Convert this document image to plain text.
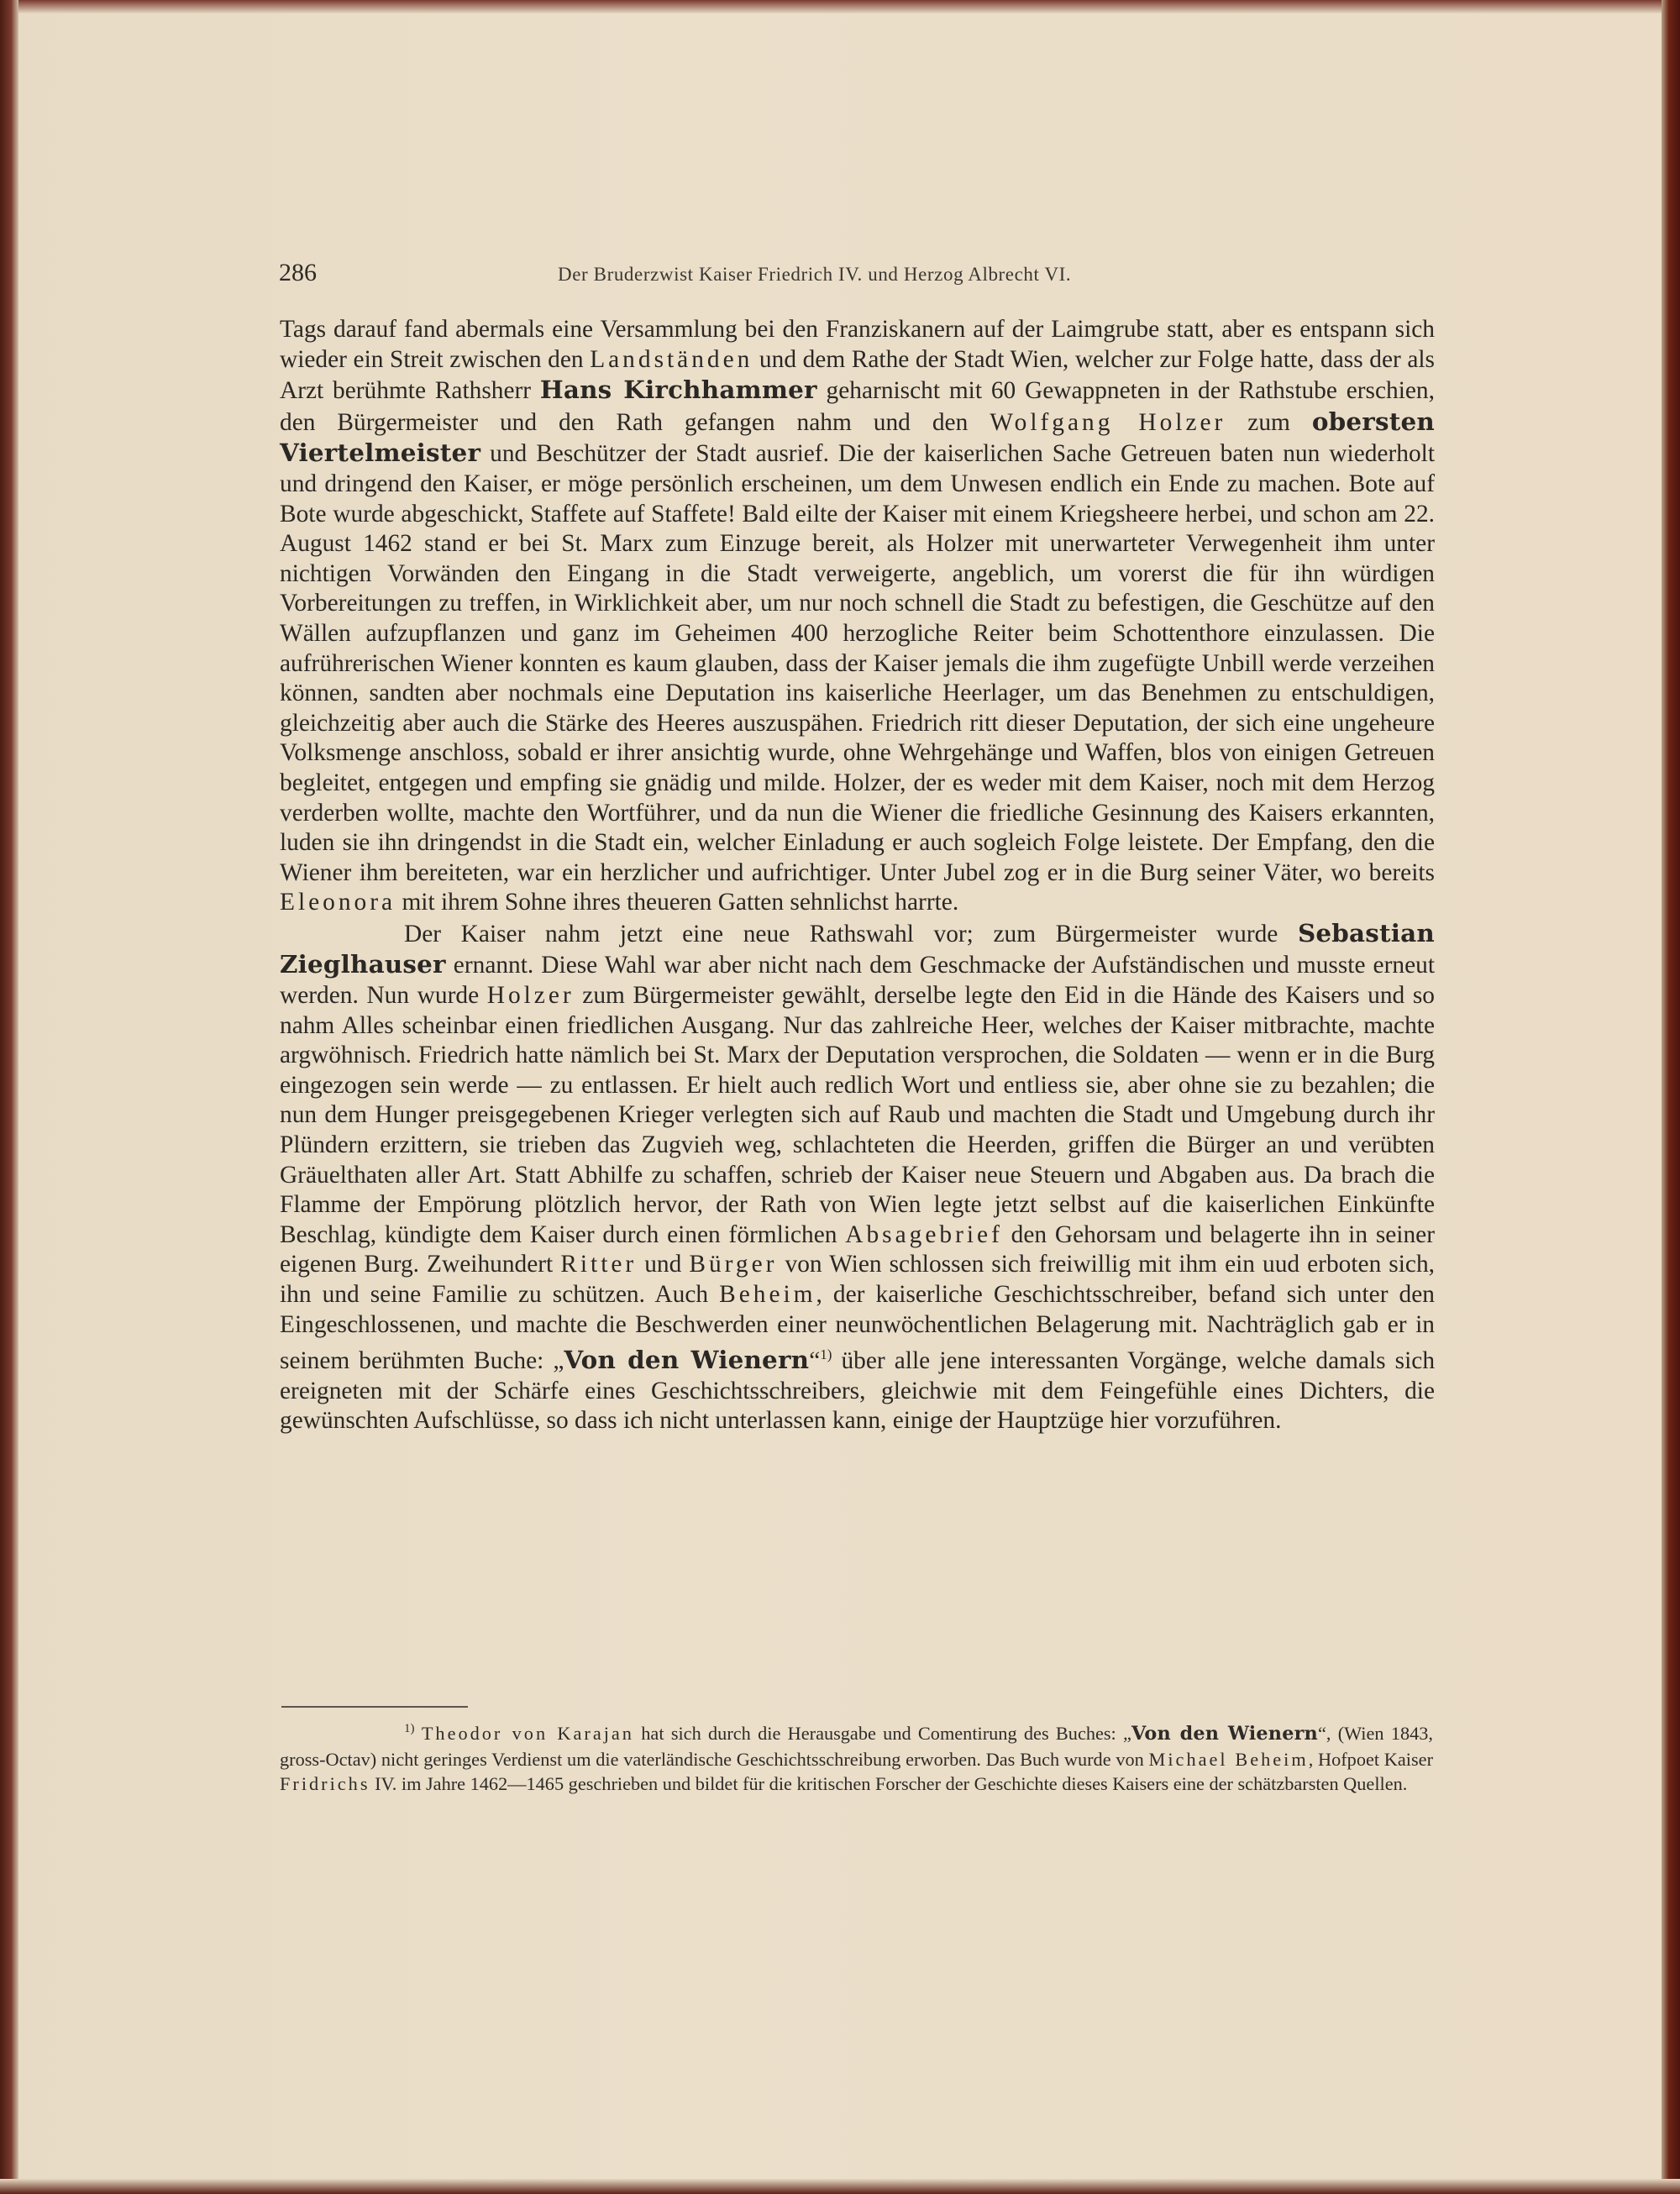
286	Der Bruderzwist Kaiser Friedrich IV. und Herzog Albrecht VI.

Tags darauf fand abermals eine Versammlung bei den Franziskanern auf der Laimgrube statt, aber es entspann sich wieder ein Streit zwischen den Landständen und dem Rathe der Stadt Wien, welcher zur Folge hatte, dass der als Arzt berühmte Rathsherr Hans Kirchhammer geharnischt mit 60 Gewappneten in der Rathstube erschien, den Bürgermeister und den Rath gefangen nahm und den Wolfgang Holzer zum obersten Viertelmeister und Beschützer der Stadt ausrief. Die der kaiserlichen Sache Getreuen baten nun wiederholt und dringend den Kaiser, er möge persönlich erscheinen, um dem Unwesen endlich ein Ende zu machen. Bote auf Bote wurde abgeschickt, Staffete auf Staffete! Bald eilte der Kaiser mit einem Kriegsheere herbei, und schon am 22. August 1462 stand er bei St. Marx zum Einzuge bereit, als Holzer mit unerwarteter Verwegenheit ihm unter nichtigen Vorwänden den Eingang in die Stadt verweigerte, angeblich, um vorerst die für ihn würdigen Vorbereitungen zu treffen, in Wirklichkeit aber, um nur noch schnell die Stadt zu befestigen, die Geschütze auf den Wällen aufzupflanzen und ganz im Geheimen 400 herzogliche Reiter beim Schottenthore einzulassen. Die aufrührerischen Wiener konnten es kaum glauben, dass der Kaiser jemals die ihm zugefügte Unbill werde verzeihen können, sandten aber nochmals eine Deputation ins kaiserliche Heerlager, um das Benehmen zu entschuldigen, gleichzeitig aber auch die Stärke des Heeres auszuspähen. Friedrich ritt dieser Deputation, der sich eine ungeheure Volksmenge anschloss, sobald er ihrer ansichtig wurde, ohne Wehrgehänge und Waffen, blos von einigen Getreuen begleitet, entgegen und empfing sie gnädig und milde. Holzer, der es weder mit dem Kaiser, noch mit dem Herzog verderben wollte, machte den Wortführer, und da nun die Wiener die friedliche Gesinnung des Kaisers erkannten, luden sie ihn dringendst in die Stadt ein, welcher Einladung er auch sogleich Folge leistete. Der Empfang, den die Wiener ihm bereiteten, war ein herzlicher und aufrichtiger. Unter Jubel zog er in die Burg seiner Väter, wo bereits Eleonora mit ihrem Sohne ihres theueren Gatten sehnlichst harrte.

Der Kaiser nahm jetzt eine neue Rathswahl vor; zum Bürgermeister wurde Sebastian Zieglhauser ernannt. Diese Wahl war aber nicht nach dem Geschmacke der Aufständischen und musste erneut werden. Nun wurde Holzer zum Bürgermeister gewählt, derselbe legte den Eid in die Hände des Kaisers und so nahm Alles scheinbar einen friedlichen Ausgang. Nur das zahlreiche Heer, welches der Kaiser mitbrachte, machte argwöhnisch. Friedrich hatte nämlich bei St. Marx der Deputation versprochen, die Soldaten — wenn er in die Burg eingezogen sein werde — zu entlassen. Er hielt auch redlich Wort und entliess sie, aber ohne sie zu bezahlen; die nun dem Hunger preisgegebenen Krieger verlegten sich auf Raub und machten die Stadt und Umgebung durch ihr Plündern erzittern, sie trieben das Zugvieh weg, schlachteten die Heerden, griffen die Bürger an und verübten Gräuelthaten aller Art. Statt Abhilfe zu schaffen, schrieb der Kaiser neue Steuern und Abgaben aus. Da brach die Flamme der Empörung plötzlich hervor, der Rath von Wien legte jetzt selbst auf die kaiserlichen Einkünfte Beschlag, kündigte dem Kaiser durch einen förmlichen Absagebrief den Gehorsam und belagerte ihn in seiner eigenen Burg. Zweihundert Ritter und Bürger von Wien schlossen sich freiwillig mit ihm ein uud erboten sich, ihn und seine Familie zu schützen. Auch Beheim, der kaiserliche Geschichtsschreiber, befand sich unter den Eingeschlossenen, und machte die Beschwerden einer neunwöchentlichen Belagerung mit. Nachträglich gab er in seinem berühmten Buche: „Von den Wienern“$^{1)}$ über alle jene interessanten Vorgänge, welche damals sich ereigneten mit der Schärfe eines Geschichtsschreibers, gleichwie mit dem Feingefühle eines Dichters, die gewünschten Aufschlüsse, so dass ich nicht unterlassen kann, einige der Hauptzüge hier vorzuführen.

$^{1)}$ Theodor von Karajan hat sich durch die Herausgabe und Comentirung des Buches: „Von den Wienern“, (Wien 1843, gross-Octav) nicht geringes Verdienst um die vaterländische Geschichtsschreibung erworben. Das Buch wurde von Michael Beheim, Hofpoet Kaiser Fridrichs IV. im Jahre 1462—1465 geschrieben und bildet für die kritischen Forscher der Geschichte dieses Kaisers eine der schätzbarsten Quellen.
